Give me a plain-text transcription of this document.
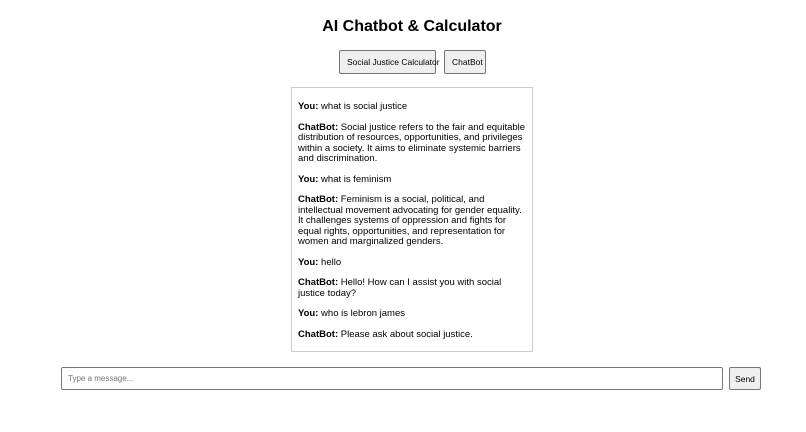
AI Chatbot & Calculator
Social Justice Calculator	ChatBot
You: what is social justice
ChatBot: Social justice refers to the fair and equitable distribution of resources, opportunities, and privileges within a society. It aims to eliminate systemic barriers and discrimination.
You: what is feminism
ChatBot: Feminism is a social, political, and intellectual movement advocating for gender equality. It challenges systems of oppression and fights for equal rights, opportunities, and representation for women and marginalized genders.
You: hello
ChatBot: Hello! How can I assist you with social justice today?
You: who is lebron james
ChatBot: Please ask about social justice.
Type a message...
Send
